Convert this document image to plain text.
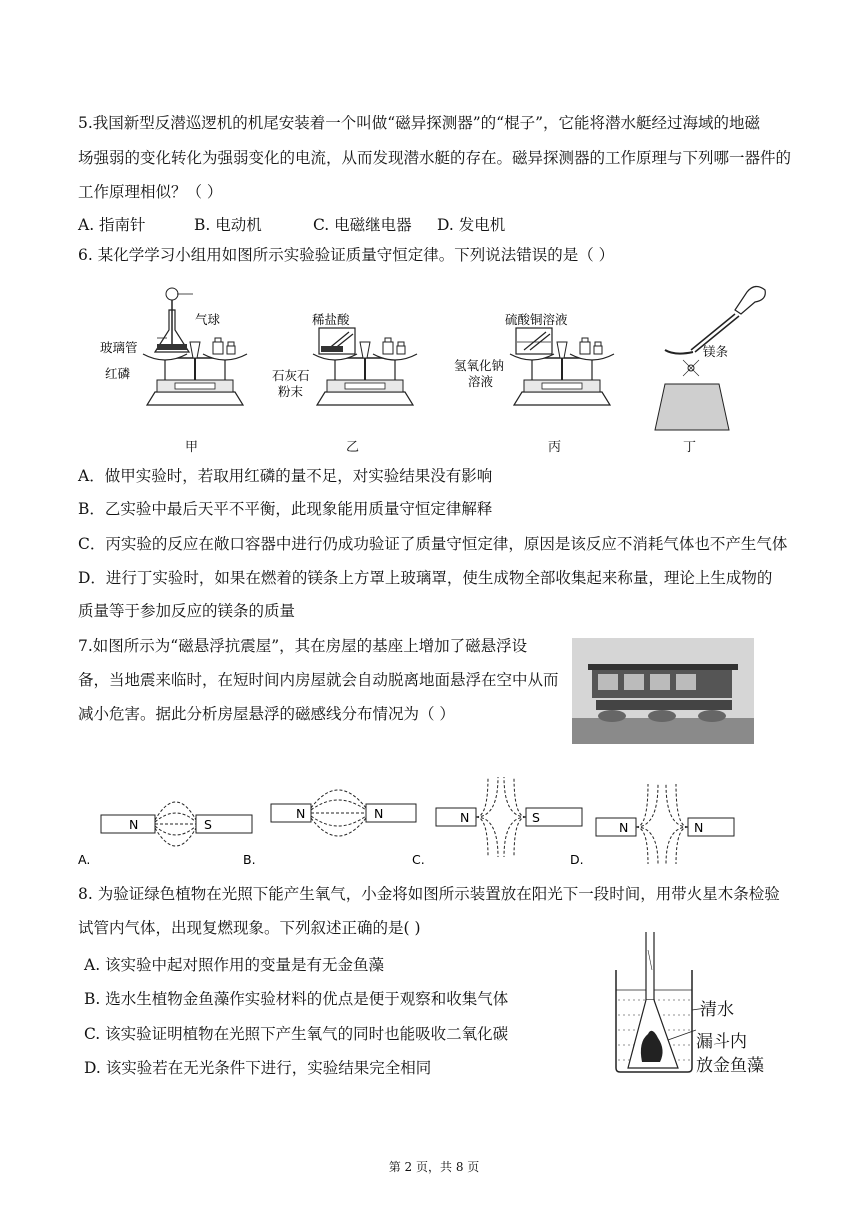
5.我国新型反潜巡逻机的机尾安装着一个叫做“磁异探测器”的“棍子”，它能将潜水艇经过海域的地磁
场强弱的变化转化为强弱变化的电流，从而发现潜水艇的存在。磁异探测器的工作原理与下列哪一器件的
工作原理相似？（ ）
A. 指南针	B. 电动机	C. 电磁继电器 D. 发电机
6. 某化学学习小组用如图所示实验验证质量守恒定律。下列说法错误的是（ ）
气球
玻璃管
红磷
稀盐酸
石灰石
粉末
硫酸铜溶液
氢氧化钠
溶液
镁条
甲	乙	丙	丁
A．做甲实验时，若取用红磷的量不足，对实验结果没有影响
B．乙实验中最后天平不平衡，此现象能用质量守恒定律解释
C．丙实验的反应在敞口容器中进行仍成功验证了质量守恒定律，原因是该反应不消耗气体也不产生气体
D．进行丁实验时，如果在燃着的镁条上方罩上玻璃罩，使生成物全部收集起来称量，理论上生成物的
质量等于参加反应的镁条的质量
7.如图所示为“磁悬浮抗震屋”，其在房屋的基座上增加了磁悬浮设
备，当地震来临时，在短时间内房屋就会自动脱离地面悬浮在空中从而
减小危害。据此分析房屋悬浮的磁感线分布情况为（ ）
N	S
A.
N	N
B.
N	S
C.
N	N
D.
8. 为验证绿色植物在光照下能产生氧气，小金将如图所示装置放在阳光下一段时间，用带火星木条检验
试管内气体，出现复燃现象。下列叙述正确的是( )
A. 该实验中起对照作用的变量是有无金鱼藻
B. 选水生植物金鱼藻作实验材料的优点是便于观察和收集气体
C. 该实验证明植物在光照下产生氧气的同时也能吸收二氧化碳
D. 该实验若在无光条件下进行，实验结果完全相同
清水
漏斗内
放金鱼藻
第 2 页，共 8 页
